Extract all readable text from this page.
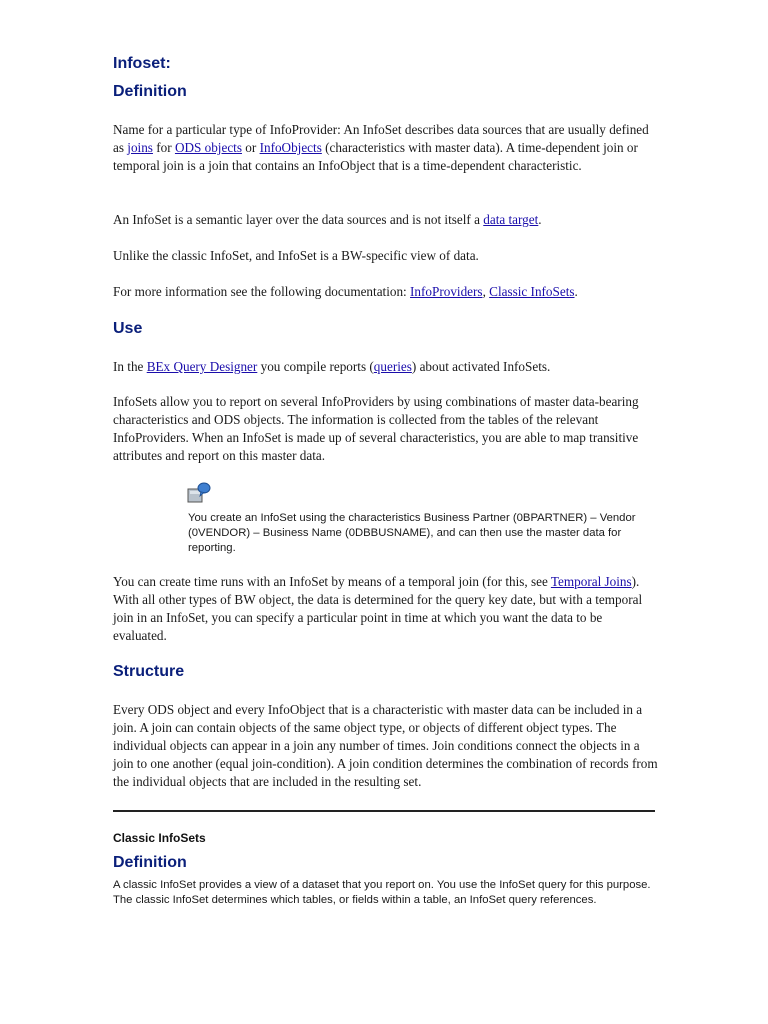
Infoset:
Definition

Name for a particular type of InfoProvider: An InfoSet describes data sources that are usually defined as joins for ODS objects or InfoObjects (characteristics with master data). A time-dependent join or temporal join is a join that contains an InfoObject that is a time-dependent characteristic.

An InfoSet is a semantic layer over the data sources and is not itself a data target.

Unlike the classic InfoSet, and InfoSet is a BW-specific view of data.

For more information see the following documentation: InfoProviders, Classic InfoSets.

Use

In the BEx Query Designer you compile reports (queries) about activated InfoSets.

InfoSets allow you to report on several InfoProviders by using combinations of master data-bearing characteristics and ODS objects. The information is collected from the tables of the relevant InfoProviders. When an InfoSet is made up of several characteristics, you are able to map transitive attributes and report on this master data.

You create an InfoSet using the characteristics Business Partner (0BPARTNER) – Vendor (0VENDOR) – Business Name (0DBBUSNAME), and can then use the master data for reporting.

You can create time runs with an InfoSet by means of a temporal join (for this, see Temporal Joins). With all other types of BW object, the data is determined for the query key date, but with a temporal join in an InfoSet, you can specify a particular point in time at which you want the data to be evaluated.

Structure

Every ODS object and every InfoObject that is a characteristic with master data can be included in a join. A join can contain objects of the same object type, or objects of different object types. The individual objects can appear in a join any number of times. Join conditions connect the objects in a join to one another (equal join-condition). A join condition determines the combination of records from the individual objects that are included in the resulting set.

Classic InfoSets
Definition

A classic InfoSet provides a view of a dataset that you report on. You use the InfoSet query for this purpose. The classic InfoSet determines which tables, or fields within a table, an InfoSet query references.
